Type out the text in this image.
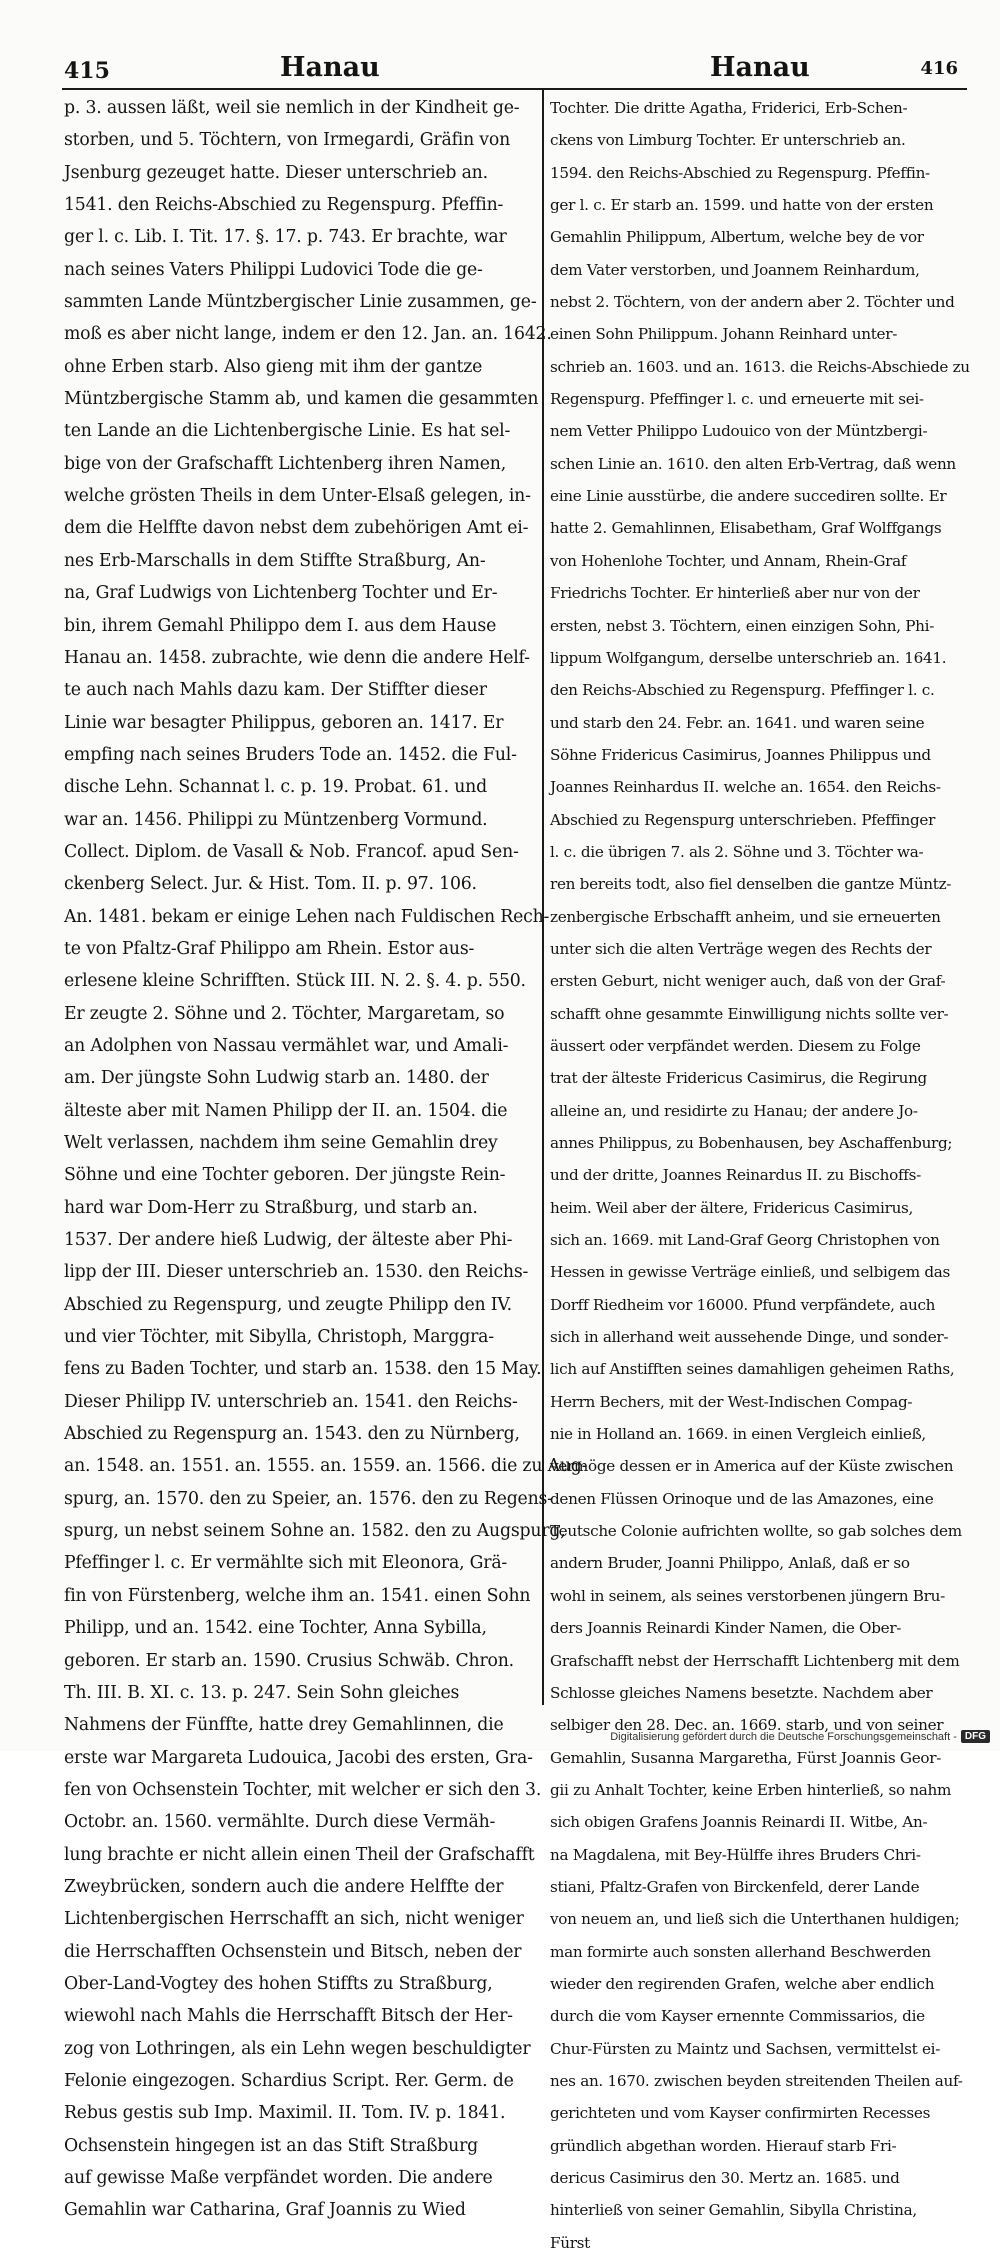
415	Hanau	Hanau	416
p. 3. aussen läßt, weil sie nemlich in der Kindheit ge-
storben, und 5. Töchtern, von Irmegardi, Gräfin von
Jsenburg gezeuget hatte. Dieser unterschrieb an.
1541. den Reichs-Abschied zu Regenspurg. Pfeffin-
ger l. c. Lib. I. Tit. 17. §. 17. p. 743. Er brachte, war
nach seines Vaters Philippi Ludovici Tode die ge-
sammten Lande Müntzbergischer Linie zusammen, ge-
moß es aber nicht lange, indem er den 12. Jan. an. 1642.
ohne Erben starb. Also gieng mit ihm der gantze
Müntzbergische Stamm ab, und kamen die gesammten
ten Lande an die Lichtenbergische Linie. Es hat sel-
bige von der Grafschafft Lichtenberg ihren Namen,
welche grösten Theils in dem Unter-Elsaß gelegen, in-
dem die Helffte davon nebst dem zubehörigen Amt ei-
nes Erb-Marschalls in dem Stiffte Straßburg, An-
na, Graf Ludwigs von Lichtenberg Tochter und Er-
bin, ihrem Gemahl Philippo dem I. aus dem Hause
Hanau an. 1458. zubrachte, wie denn die andere Helf-
te auch nach Mahls dazu kam. Der Stiffter dieser
Linie war besagter Philippus, geboren an. 1417. Er
empfing nach seines Bruders Tode an. 1452. die Ful-
dische Lehn. Schannat l. c. p. 19. Probat. 61. und
war an. 1456. Philippi zu Müntzenberg Vormund.
Collect. Diplom. de Vasall & Nob. Francof. apud Sen-
ckenberg Select. Jur. & Hist. Tom. II. p. 97. 106.
An. 1481. bekam er einige Lehen nach Fuldischen Rech-
te von Pfaltz-Graf Philippo am Rhein. Estor aus-
erlesene kleine Schrifften. Stück III. N. 2. §. 4. p. 550.
Er zeugte 2. Söhne und 2. Töchter, Margaretam, so
an Adolphen von Nassau vermählet war, und Amali-
am. Der jüngste Sohn Ludwig starb an. 1480. der
älteste aber mit Namen Philipp der II. an. 1504. die
Welt verlassen, nachdem ihm seine Gemahlin drey
Söhne und eine Tochter geboren. Der jüngste Rein-
hard war Dom-Herr zu Straßburg, und starb an.
1537. Der andere hieß Ludwig, der älteste aber Phi-
lipp der III. Dieser unterschrieb an. 1530. den Reichs-
Abschied zu Regenspurg, und zeugte Philipp den IV.
und vier Töchter, mit Sibylla, Christoph, Marggra-
fens zu Baden Tochter, und starb an. 1538. den 15 May.
Dieser Philipp IV. unterschrieb an. 1541. den Reichs-
Abschied zu Regenspurg an. 1543. den zu Nürnberg,
an. 1548. an. 1551. an. 1555. an. 1559. an. 1566. die zu Aug-
spurg, an. 1570. den zu Speier, an. 1576. den zu Regens-
spurg, un nebst seinem Sohne an. 1582. den zu Augspurg,
Pfeffinger l. c. Er vermählte sich mit Eleonora, Grä-
fin von Fürstenberg, welche ihm an. 1541. einen Sohn
Philipp, und an. 1542. eine Tochter, Anna Sybilla,
geboren. Er starb an. 1590. Crusius Schwäb. Chron.
Th. III. B. XI. c. 13. p. 247. Sein Sohn gleiches
Nahmens der Fünffte, hatte drey Gemahlinnen, die
erste war Margareta Ludouica, Jacobi des ersten, Gra-
fen von Ochsenstein Tochter, mit welcher er sich den 3.
Octobr. an. 1560. vermählte. Durch diese Vermäh-
lung brachte er nicht allein einen Theil der Grafschafft
Zweybrücken, sondern auch die andere Helffte der
Lichtenbergischen Herrschafft an sich, nicht weniger
die Herrschafften Ochsenstein und Bitsch, neben der
Ober-Land-Vogtey des hohen Stiffts zu Straßburg,
wiewohl nach Mahls die Herrschafft Bitsch der Her-
zog von Lothringen, als ein Lehn wegen beschuldigter
Felonie eingezogen. Schardius Script. Rer. Germ. de
Rebus gestis sub Imp. Maximil. II. Tom. IV. p. 1841.
Ochsenstein hingegen ist an das Stift Straßburg
auf gewisse Maße verpfändet worden. Die andere
Gemahlin war Catharina, Graf Joannis zu Wied
Tochter. Die dritte Agatha, Friderici, Erb-Schen-
ckens von Limburg Tochter. Er unterschrieb an.
1594. den Reichs-Abschied zu Regenspurg. Pfeffin-
ger l. c. Er starb an. 1599. und hatte von der ersten
Gemahlin Philippum, Albertum, welche bey de vor
dem Vater verstorben, und Joannem Reinhardum,
nebst 2. Töchtern, von der andern aber 2. Töchter und
einen Sohn Philippum. Johann Reinhard unter-
schrieb an. 1603. und an. 1613. die Reichs-Abschiede zu
Regenspurg. Pfeffinger l. c. und erneuerte mit sei-
nem Vetter Philippo Ludouico von der Müntzbergi-
schen Linie an. 1610. den alten Erb-Vertrag, daß wenn
eine Linie ausstürbe, die andere succediren sollte. Er
hatte 2. Gemahlinnen, Elisabetham, Graf Wolffgangs
von Hohenlohe Tochter, und Annam, Rhein-Graf
Friedrichs Tochter. Er hinterließ aber nur von der
ersten, nebst 3. Töchtern, einen einzigen Sohn, Phi-
lippum Wolfgangum, derselbe unterschrieb an. 1641.
den Reichs-Abschied zu Regenspurg. Pfeffinger l. c.
und starb den 24. Febr. an. 1641. und waren seine
Söhne Fridericus Casimirus, Joannes Philippus und
Joannes Reinhardus II. welche an. 1654. den Reichs-
Abschied zu Regenspurg unterschrieben. Pfeffinger
l. c. die übrigen 7. als 2. Söhne und 3. Töchter wa-
ren bereits todt, also fiel denselben die gantze Müntz-
zenbergische Erbschafft anheim, und sie erneuerten
unter sich die alten Verträge wegen des Rechts der
ersten Geburt, nicht weniger auch, daß von der Graf-
schafft ohne gesammte Einwilligung nichts sollte ver-
äussert oder verpfändet werden. Diesem zu Folge
trat der älteste Fridericus Casimirus, die Regirung
alleine an, und residirte zu Hanau; der andere Jo-
annes Philippus, zu Bobenhausen, bey Aschaffenburg;
und der dritte, Joannes Reinardus II. zu Bischoffs-
heim. Weil aber der ältere, Fridericus Casimirus,
sich an. 1669. mit Land-Graf Georg Christophen von
Hessen in gewisse Verträge einließ, und selbigem das
Dorff Riedheim vor 16000. Pfund verpfändete, auch
sich in allerhand weit aussehende Dinge, und sonder-
lich auf Anstifften seines damahligen geheimen Raths,
Herrn Bechers, mit der West-Indischen Compag-
nie in Holland an. 1669. in einen Vergleich einließ,
vermöge dessen er in America auf der Küste zwischen
denen Flüssen Orinoque und de las Amazones, eine
Teutsche Colonie aufrichten wollte, so gab solches dem
andern Bruder, Joanni Philippo, Anlaß, daß er so
wohl in seinem, als seines verstorbenen jüngern Bru-
ders Joannis Reinardi Kinder Namen, die Ober-
Grafschafft nebst der Herrschafft Lichtenberg mit dem
Schlosse gleiches Namens besetzte. Nachdem aber
selbiger den 28. Dec. an. 1669. starb, und von seiner
Gemahlin, Susanna Margaretha, Fürst Joannis Geor-
gii zu Anhalt Tochter, keine Erben hinterließ, so nahm
sich obigen Grafens Joannis Reinardi II. Witbe, An-
na Magdalena, mit Bey-Hülffe ihres Bruders Chri-
stiani, Pfaltz-Grafen von Birckenfeld, derer Lande
von neuem an, und ließ sich die Unterthanen huldigen;
man formirte auch sonsten allerhand Beschwerden
wieder den regirenden Grafen, welche aber endlich
durch die vom Kayser ernennte Commissarios, die
Chur-Fürsten zu Maintz und Sachsen, vermittelst ei-
nes an. 1670. zwischen beyden streitenden Theilen auf-
gerichteten und vom Kayser confirmirten Recesses
gründlich abgethan worden. Hierauf starb Fri-
dericus Casimirus den 30. Mertz an. 1685. und
hinterließ von seiner Gemahlin, Sibylla Christina,
Fürst
Digitalisierung gefördert durch die Deutsche Forschungsgemeinschaft - DFG
